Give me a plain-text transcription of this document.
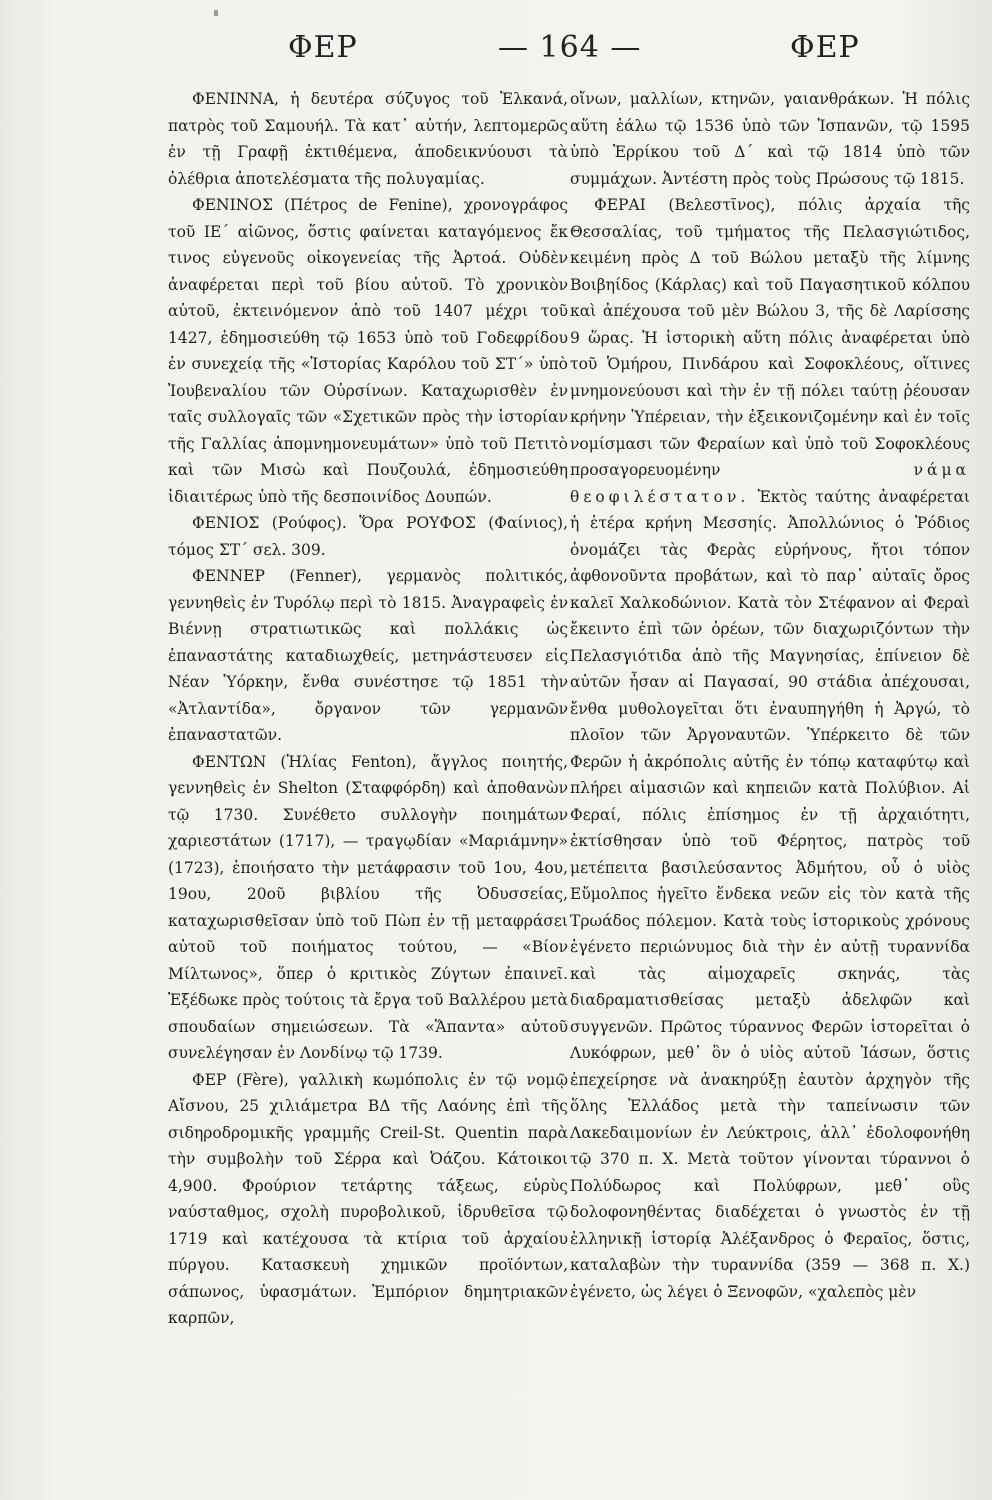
ΦΕΡ	— 164 —	ΦΕΡ

ΦΕΝΙΝΝΑ, ἡ δευτέρα σύζυγος τοῦ Ἐλκανά, πατρὸς τοῦ Σαμουήλ. Τὰ κατ᾽ αὐτήν, λεπτομερῶς ἐν τῇ Γραφῇ ἐκτιθέμενα, ἀποδεικνύουσι τὰ ὀλέθρια ἀποτελέσματα τῆς πολυγαμίας.

ΦΕΝΙΝΟΣ (Πέτρος de Fenine), χρονογράφος τοῦ ΙΕ΄ αἰῶνος, ὅστις φαίνεται καταγόμενος ἔκ τινος εὐγενοῦς οἰκογενείας τῆς Ἀρτοά. Οὐδὲν ἀναφέρεται περὶ τοῦ βίου αὐτοῦ. Τὸ χρονικὸν αὐτοῦ, ἐκτεινόμενον ἀπὸ τοῦ 1407 μέχρι τοῦ 1427, ἐδημοσιεύθη τῷ 1653 ὑπὸ τοῦ Γοδεφρίδου ἐν συνεχείᾳ τῆς «Ἱστορίας Καρόλου τοῦ ΣΤ΄» ὑπὸ Ἰουβεναλίου τῶν Οὐρσίνων. Καταχωρισθὲν ἐν ταῖς συλλογαῖς τῶν «Σχετικῶν πρὸς τὴν ἱστορίαν τῆς Γαλλίας ἀπομνημονευμάτων» ὑπὸ τοῦ Πετιτὸ καὶ τῶν Μισὼ καὶ Πουζουλά, ἐδημοσιεύθη ἰδιαιτέρως ὑπὸ τῆς δεσποινίδος Δουπών.

ΦΕΝΙΟΣ (Ρούφος). Ὅρα ΡΟΥΦΟΣ (Φαίνιος), τόμος ΣΤ΄ σελ. 309.

ΦΕΝΝΕΡ (Fenner), γερμανὸς πολιτικός, γεννηθεὶς ἐν Τυρόλῳ περὶ τὸ 1815. Ἀναγραφεὶς ἐν Βιέννῃ στρατιωτικῶς καὶ πολλάκις ὡς ἐπαναστάτης καταδιωχθείς, μετηνάστευσεν εἰς Νέαν Ὑόρκην, ἔνθα συνέστησε τῷ 1851 τὴν «Ἀτλαντίδα», ὄργανον τῶν γερμανῶν ἐπαναστατῶν.

ΦΕΝΤΩΝ (Ἠλίας Fenton), ἄγγλος ποιητής, γεννηθεὶς ἐν Shelton (Σταφφόρδη) καὶ ἀποθανὼν τῷ 1730. Συνέθετο συλλογὴν ποιημάτων χαριεστάτων (1717), — τραγῳδίαν «Μαριάμνην» (1723), ἐποιήσατο τὴν μετάφρασιν τοῦ 1ου, 4ου, 19ου, 20οῦ βιβλίου τῆς Ὀδυσσείας, καταχωρισθεῖσαν ὑπὸ τοῦ Πὼπ ἐν τῇ μεταφράσει αὐτοῦ τοῦ ποιήματος τούτου, — «Βίον Μίλτωνος», ὅπερ ὁ κριτικὸς Ζύγτων ἐπαινεῖ. Ἐξέδωκε πρὸς τούτοις τὰ ἔργα τοῦ Βαλλέρου μετὰ σπουδαίων σημειώσεων. Τὰ «Ἅπαντα» αὐτοῦ συνελέγησαν ἐν Λονδίνῳ τῷ 1739.

ΦΕΡ (Fère), γαλλικὴ κωμόπολις ἐν τῷ νομῷ Αἴσνου, 25 χιλιάμετρα ΒΔ τῆς Λαόνης ἐπὶ τῆς σιδηροδρομικῆς γραμμῆς Creil-St. Quentin παρὰ τὴν συμβολὴν τοῦ Σέρρα καὶ Ὀάζου. Κάτοικοι 4,900. Φρούριον τετάρτης τάξεως, εὐρὺς ναύσταθμος, σχολὴ πυροβολικοῦ, ἱδρυθεῖσα τῷ 1719 καὶ κατέχουσα τὰ κτίρια τοῦ ἀρχαίου πύργου. Κατασκευὴ χημικῶν προϊόντων, σάπωνος, ὑφασμάτων. Ἐμπόριον δημητριακῶν καρπῶν,

οἴνων, μαλλίων, κτηνῶν, γαιανθράκων. Ἡ πόλις αὕτη ἑάλω τῷ 1536 ὑπὸ τῶν Ἱσπανῶν, τῷ 1595 ὑπὸ Ἑρρίκου τοῦ Δ΄ καὶ τῷ 1814 ὑπὸ τῶν συμμάχων. Ἀντέστη πρὸς τοὺς Πρώσους τῷ 1815.

ΦΕΡΑΙ (Βελεστῖνος), πόλις ἀρχαία τῆς Θεσσαλίας, τοῦ τμήματος τῆς Πελασγιώτιδος, κειμένη πρὸς Δ τοῦ Βώλου μεταξὺ τῆς λίμνης Βοιβηίδος (Κάρλας) καὶ τοῦ Παγασητικοῦ κόλπου καὶ ἀπέχουσα τοῦ μὲν Βώλου 3, τῆς δὲ Λαρίσσης 9 ὥρας. Ἡ ἱστορικὴ αὕτη πόλις ἀναφέρεται ὑπὸ τοῦ Ὁμήρου, Πινδάρου καὶ Σοφοκλέους, οἵτινες μνημονεύουσι καὶ τὴν ἐν τῇ πόλει ταύτῃ ῥέουσαν κρήνην Ὑπέρειαν, τὴν ἐξεικονιζομένην καὶ ἐν τοῖς νομίσμασι τῶν Φεραίων καὶ ὑπὸ τοῦ Σοφοκλέους προσαγορευομένην	νάμα θεοφιλέστατον. Ἐκτὸς ταύτης ἀναφέρεται ἡ ἑτέρα κρήνη Μεσσηίς. Ἀπολλώνιος ὁ Ῥόδιος ὀνομάζει τὰς Φερὰς εὐρήνους, ἤτοι τόπον ἀφθονοῦντα προβάτων, καὶ τὸ παρ᾽ αὐταῖς ὄρος καλεῖ Χαλκοδώνιον. Κατὰ τὸν Στέφανον αἱ Φεραὶ ἔκειντο ἐπὶ τῶν ὀρέων, τῶν διαχωριζόντων τὴν Πελασγιότιδα ἀπὸ τῆς Μαγνησίας, ἐπίνειον δὲ αὐτῶν ἦσαν αἱ Παγασαί, 90 στάδια ἀπέχουσαι, ἔνθα μυθολογεῖται ὅτι ἐναυπηγήθη ἡ Ἀργώ, τὸ πλοῖον τῶν Ἀργοναυτῶν. Ὑπέρκειτο δὲ τῶν Φερῶν ἡ ἀκρόπολις αὐτῆς ἐν τόπῳ καταφύτῳ καὶ πλήρει αἱμασιῶν καὶ κηπειῶν κατὰ Πολύβιον. Αἱ Φεραί, πόλις ἐπίσημος ἐν τῇ ἀρχαιότητι, ἐκτίσθησαν ὑπὸ τοῦ Φέρητος, πατρὸς τοῦ μετέπειτα βασιλεύσαντος Ἀδμήτου, οὗ ὁ υἱὸς Εὔμολπος ἡγεῖτο ἕνδεκα νεῶν εἰς τὸν κατὰ τῆς Τρωάδος πόλεμον. Κατὰ τοὺς ἱστορικοὺς χρόνους ἐγένετο περιώνυμος διὰ τὴν ἐν αὐτῇ τυραννίδα καὶ τὰς αἱμοχαρεῖς σκηνάς, τὰς διαδραματισθείσας μεταξὺ ἀδελφῶν καὶ συγγενῶν. Πρῶτος τύραννος Φερῶν ἱστορεῖται ὁ Λυκόφρων, μεθ᾽ ὃν ὁ υἱὸς αὐτοῦ Ἰάσων, ὅστις ἐπεχείρησε νὰ ἀνακηρύξῃ ἑαυτὸν ἀρχηγὸν τῆς ὅλης Ἑλλάδος μετὰ τὴν ταπείνωσιν τῶν Λακεδαιμονίων ἐν Λεύκτροις, ἀλλ᾽ ἐδολοφονήθη τῷ 370 π. Χ. Μετὰ τοῦτον γίνονται τύραννοι ὁ Πολύδωρος καὶ Πολύφρων, μεθ᾽ οὓς δολοφονηθέντας διαδέχεται ὁ γνωστὸς ἐν τῇ ἑλληνικῇ ἱστορίᾳ Ἀλέξανδρος ὁ Φεραῖος, ὅστις, καταλαβὼν τὴν τυραννίδα (359 — 368 π. Χ.) ἐγένετο, ὡς λέγει ὁ Ξενοφῶν, «χαλεπὸς μὲν
